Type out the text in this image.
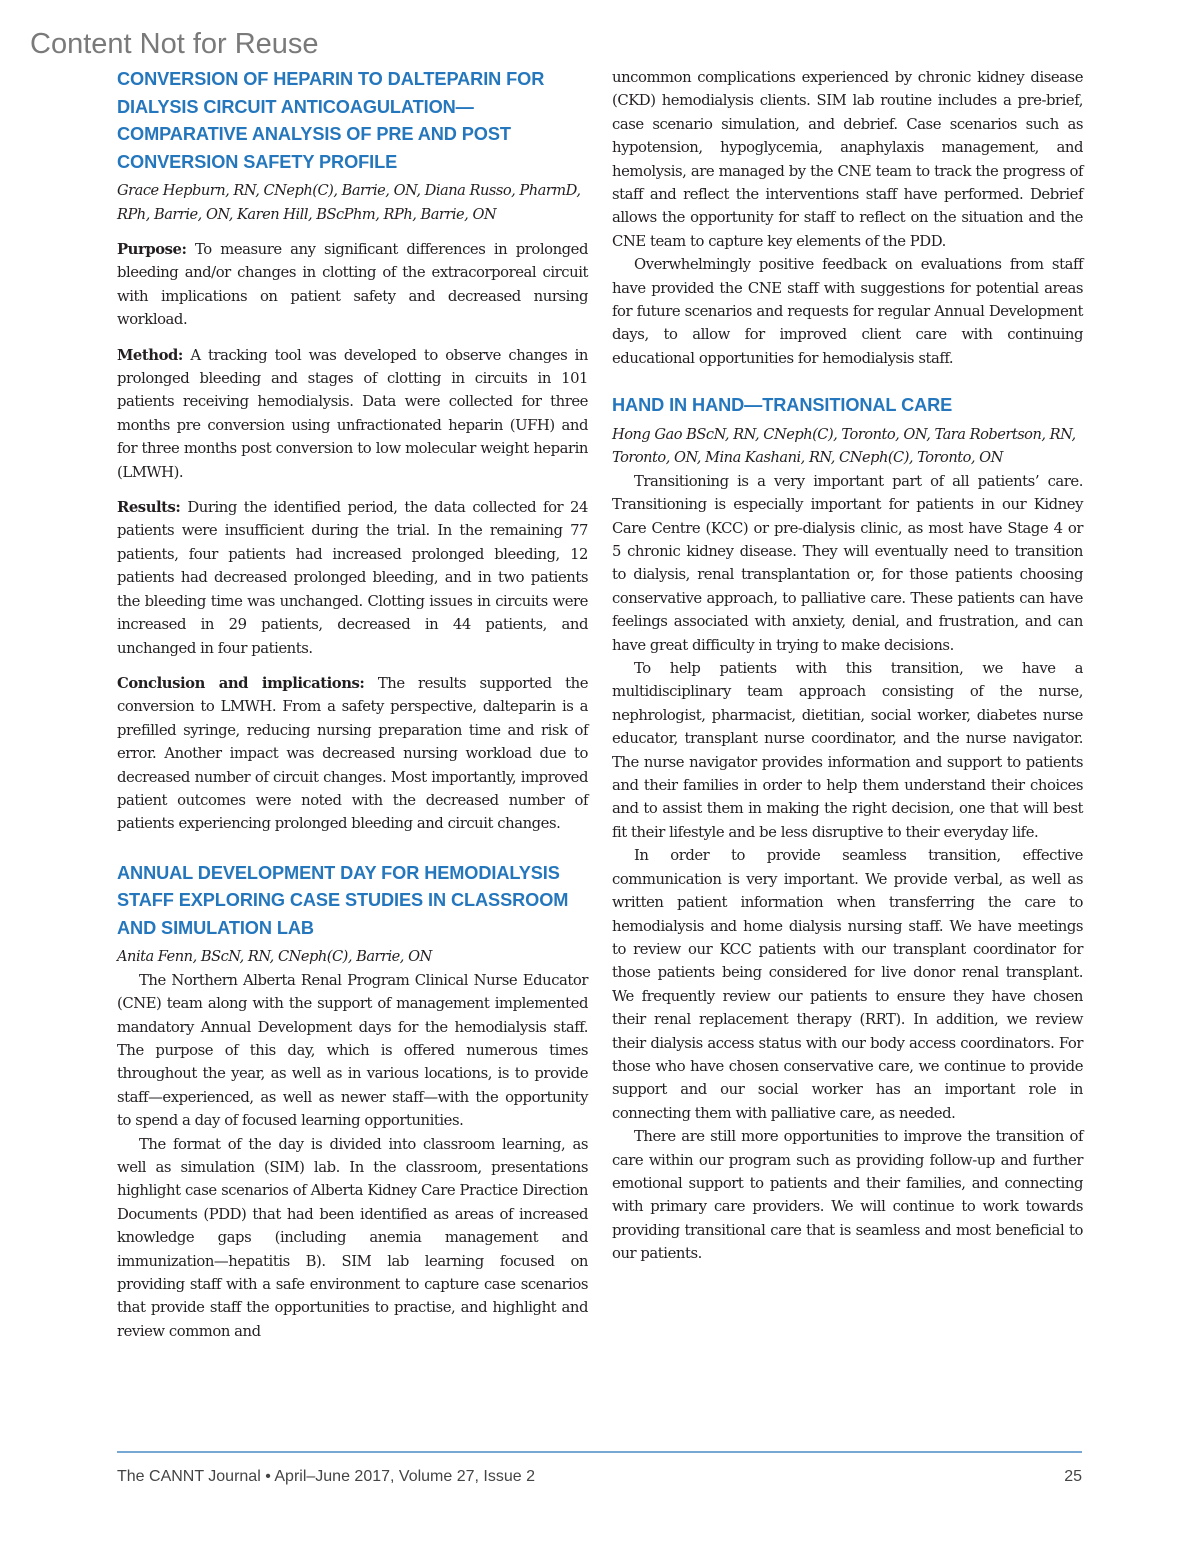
Content Not for Reuse
CONVERSION OF HEPARIN TO DALTEPARIN FOR DIALYSIS CIRCUIT ANTICOAGULATION—COMPARATIVE ANALYSIS OF PRE AND POST CONVERSION SAFETY PROFILE

Grace Hepburn, RN, CNeph(C), Barrie, ON, Diana Russo, PharmD, RPh, Barrie, ON, Karen Hill, BScPhm, RPh, Barrie, ON

Purpose: To measure any significant differences in prolonged bleeding and/or changes in clotting of the extracorporeal circuit with implications on patient safety and decreased nursing workload.

Method: A tracking tool was developed to observe changes in prolonged bleeding and stages of clotting in circuits in 101 patients receiving hemodialysis. Data were collected for three months pre conversion using unfractionated heparin (UFH) and for three months post conversion to low molecular weight heparin (LMWH).

Results: During the identified period, the data collected for 24 patients were insufficient during the trial. In the remaining 77 patients, four patients had increased prolonged bleeding, 12 patients had decreased prolonged bleeding, and in two patients the bleeding time was unchanged. Clotting issues in circuits were increased in 29 patients, decreased in 44 patients, and unchanged in four patients.

Conclusion and implications: The results supported the conversion to LMWH. From a safety perspective, dalteparin is a prefilled syringe, reducing nursing preparation time and risk of error. Another impact was decreased nursing workload due to decreased number of circuit changes. Most importantly, improved patient outcomes were noted with the decreased number of patients experiencing prolonged bleeding and circuit changes.

ANNUAL DEVELOPMENT DAY FOR HEMODIALYSIS STAFF EXPLORING CASE STUDIES IN CLASSROOM AND SIMULATION LAB

Anita Fenn, BScN, RN, CNeph(C), Barrie, ON

The Northern Alberta Renal Program Clinical Nurse Educator (CNE) team along with the support of management implemented mandatory Annual Development days for the hemodialysis staff. The purpose of this day, which is offered numerous times throughout the year, as well as in various locations, is to provide staff—experienced, as well as newer staff—with the opportunity to spend a day of focused learning opportunities.

The format of the day is divided into classroom learning, as well as simulation (SIM) lab. In the classroom, presentations highlight case scenarios of Alberta Kidney Care Practice Direction Documents (PDD) that had been identified as areas of increased knowledge gaps (including anemia management and immunization—hepatitis B). SIM lab learning focused on providing staff with a safe environment to capture case scenarios that provide staff the opportunities to practise, and highlight and review common and

uncommon complications experienced by chronic kidney disease (CKD) hemodialysis clients. SIM lab routine includes a pre-brief, case scenario simulation, and debrief. Case scenarios such as hypotension, hypoglycemia, anaphylaxis management, and hemolysis, are managed by the CNE team to track the progress of staff and reflect the interventions staff have performed. Debrief allows the opportunity for staff to reflect on the situation and the CNE team to capture key elements of the PDD.

Overwhelmingly positive feedback on evaluations from staff have provided the CNE staff with suggestions for potential areas for future scenarios and requests for regular Annual Development days, to allow for improved client care with continuing educational opportunities for hemodialysis staff.

HAND IN HAND—TRANSITIONAL CARE

Hong Gao BScN, RN, CNeph(C), Toronto, ON, Tara Robertson, RN, Toronto, ON, Mina Kashani, RN, CNeph(C), Toronto, ON

Transitioning is a very important part of all patients’ care. Transitioning is especially important for patients in our Kidney Care Centre (KCC) or pre-dialysis clinic, as most have Stage 4 or 5 chronic kidney disease. They will eventually need to transition to dialysis, renal transplantation or, for those patients choosing conservative approach, to palliative care. These patients can have feelings associated with anxiety, denial, and frustration, and can have great difficulty in trying to make decisions.

To help patients with this transition, we have a multidisciplinary team approach consisting of the nurse, nephrologist, pharmacist, dietitian, social worker, diabetes nurse educator, transplant nurse coordinator, and the nurse navigator. The nurse navigator provides information and support to patients and their families in order to help them understand their choices and to assist them in making the right decision, one that will best fit their lifestyle and be less disruptive to their everyday life.

In order to provide seamless transition, effective communication is very important. We provide verbal, as well as written patient information when transferring the care to hemodialysis and home dialysis nursing staff. We have meetings to review our KCC patients with our transplant coordinator for those patients being considered for live donor renal transplant. We frequently review our patients to ensure they have chosen their renal replacement therapy (RRT). In addition, we review their dialysis access status with our body access coordinators. For those who have chosen conservative care, we continue to provide support and our social worker has an important role in connecting them with palliative care, as needed.

There are still more opportunities to improve the transition of care within our program such as providing follow-up and further emotional support to patients and their families, and connecting with primary care providers. We will continue to work towards providing transitional care that is seamless and most beneficial to our patients.

The CANNT Journal • April–June 2017, Volume 27, Issue 2	25
